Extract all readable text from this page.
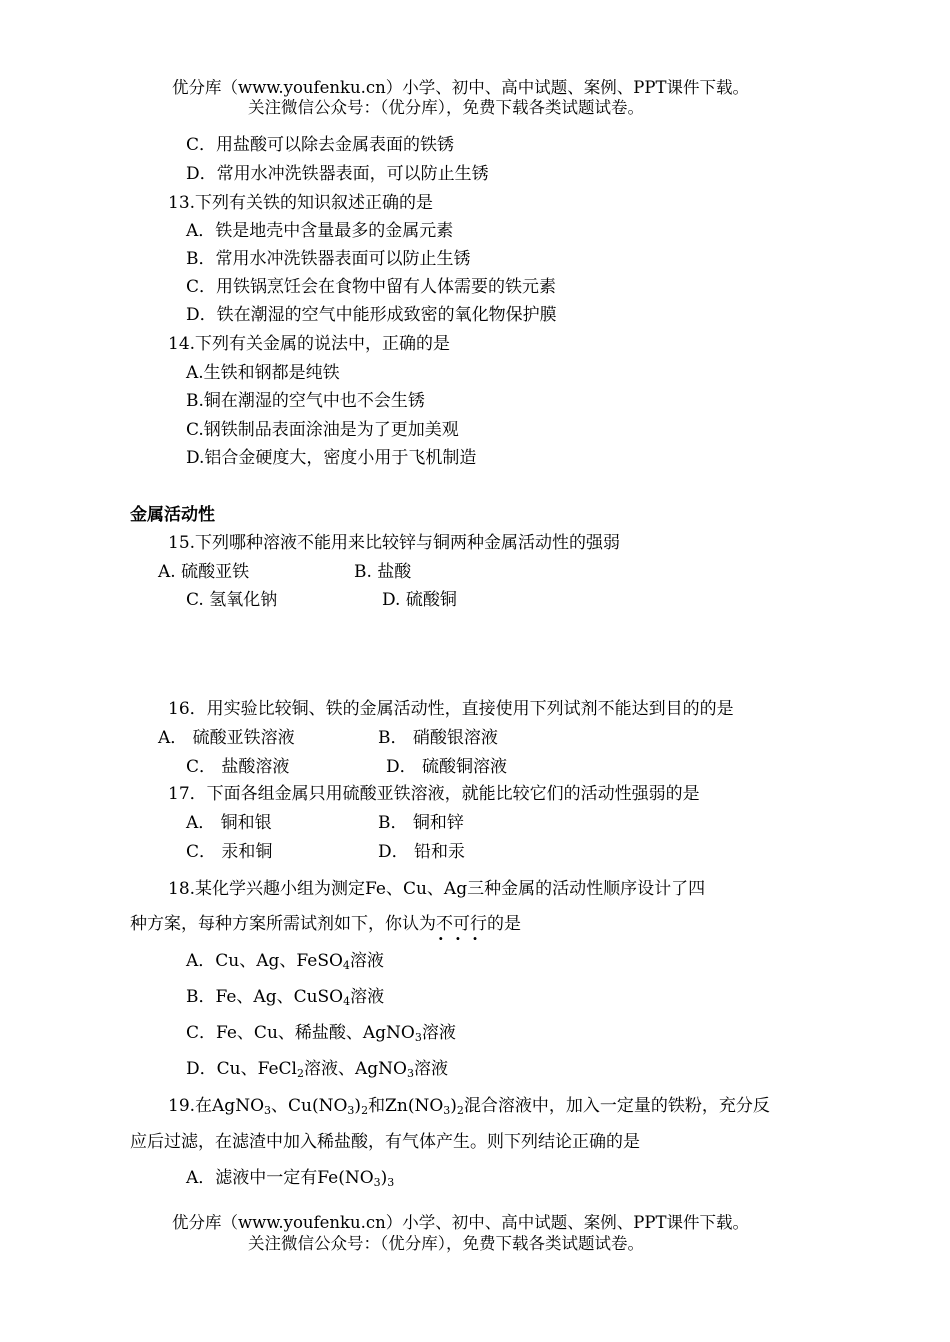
优分库（www.youfenku.cn）小学、初中、高中试题、案例、PPT课件下载。
关注微信公众号：（优分库），免费下载各类试题试卷。
C．用盐酸可以除去金属表面的铁锈
D．常用水冲洗铁器表面，可以防止生锈
13.下列有关铁的知识叙述正确的是
A．铁是地壳中含量最多的金属元素
B．常用水冲洗铁器表面可以防止生锈
C．用铁锅烹饪会在食物中留有人体需要的铁元素
D．铁在潮湿的空气中能形成致密的氧化物保护膜
14.下列有关金属的说法中，正确的是
A.生铁和钢都是纯铁
B.铜在潮湿的空气中也不会生锈
C.钢铁制品表面涂油是为了更加美观
D.铝合金硬度大，密度小用于飞机制造
金属活动性
15.下列哪种溶液不能用来比较锌与铜两种金属活动性的强弱
A. 硫酸亚铁	B. 盐酸
C. 氢氧化钠	D. 硫酸铜
16．用实验比较铜、铁的金属活动性，直接使用下列试剂不能达到目的的是
A． 硫酸亚铁溶液	B． 硝酸银溶液
C． 盐酸溶液	D． 硫酸铜溶液
17．下面各组金属只用硫酸亚铁溶液，就能比较它们的活动性强弱的是
A． 铜和银	B． 铜和锌
C． 汞和铜	D． 铅和汞
18.某化学兴趣小组为测定Fe、Cu、Ag三种金属的活动性顺序设计了四
种方案，每种方案所需试剂如下，你认为不可行 · · ·的是
A．Cu、Ag、FeSO$_4$溶液
B．Fe、Ag、CuSO$_4$溶液
C．Fe、Cu、稀盐酸、AgNO$_3$溶液
D．Cu、FeCl$_2$溶液、AgNO$_3$溶液
19.在AgNO$_3$、$Cu(NO_3)_2$和$Zn(NO_3)_2$混合溶液中，加入一定量的铁粉，充分反
应后过滤，在滤渣中加入稀盐酸，有气体产生。则下列结论正确的是
A．滤液中一定有$Fe(NO_3)_3$
优分库（www.youfenku.cn）小学、初中、高中试题、案例、PPT课件下载。
关注微信公众号：（优分库），免费下载各类试题试卷。
